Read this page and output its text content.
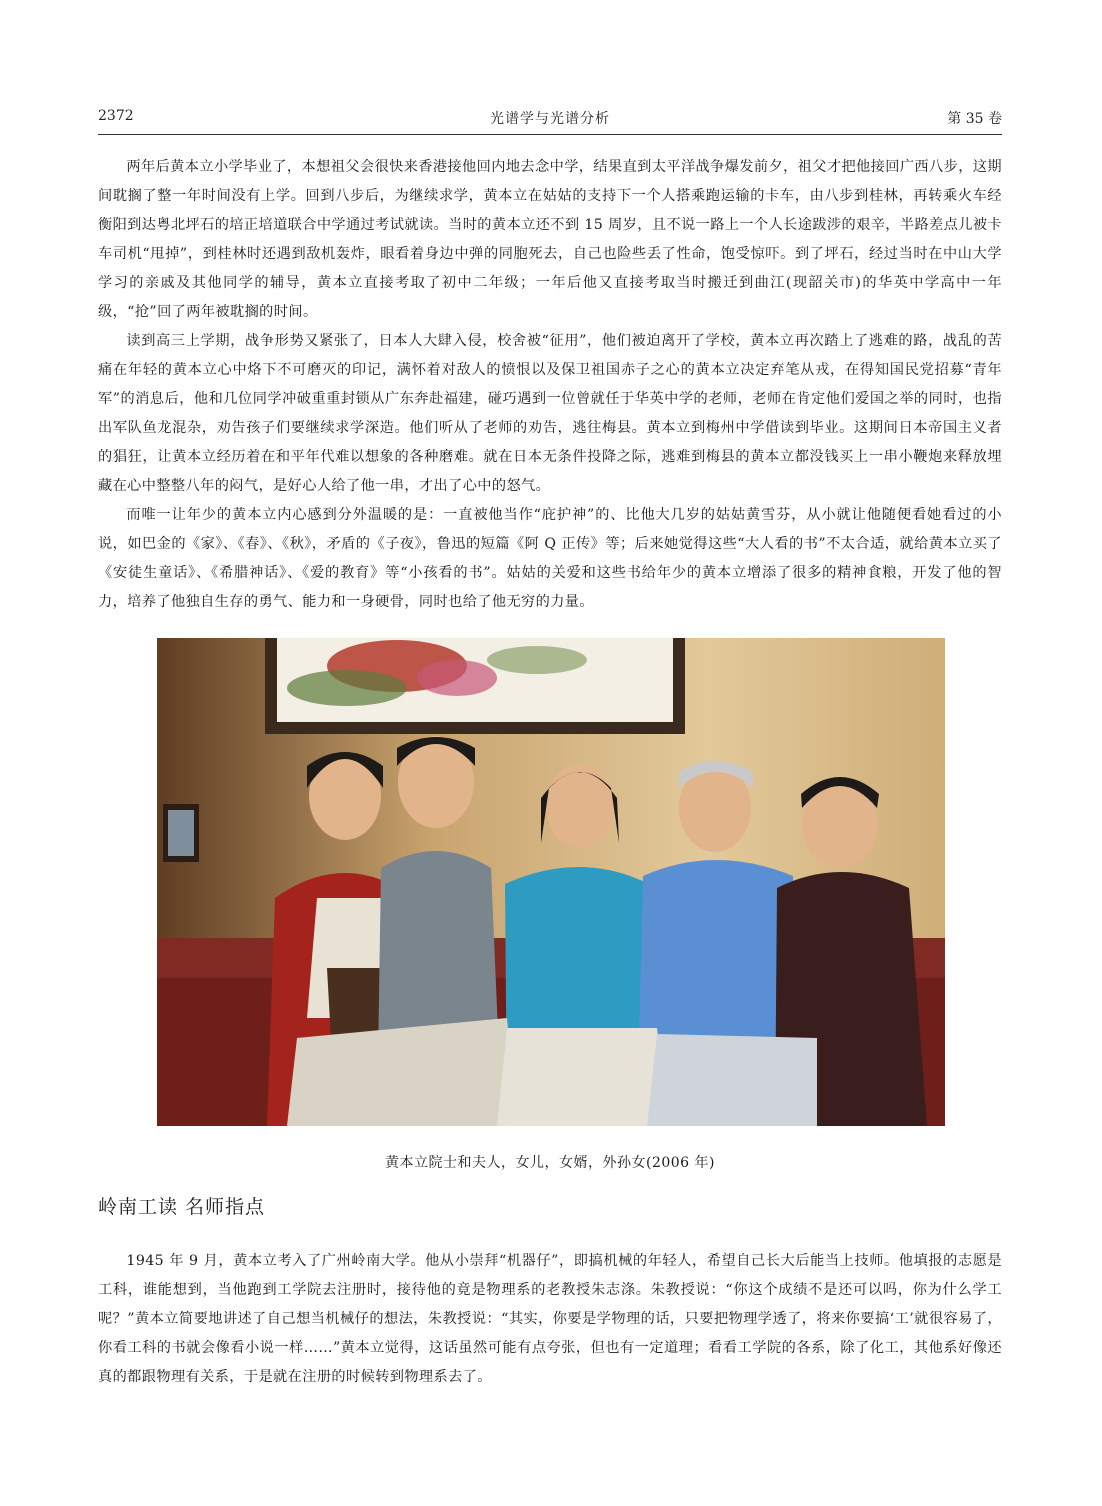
2372	光谱学与光谱分析	第 35 卷

两年后黄本立小学毕业了，本想祖父会很快来香港接他回内地去念中学，结果直到太平洋战争爆发前夕，祖父才把他接回广西八步，这期间耽搁了整一年时间没有上学。回到八步后，为继续求学，黄本立在姑姑的支持下一个人搭乘跑运输的卡车，由八步到桂林，再转乘火车经衡阳到达粤北坪石的培正培道联合中学通过考试就读。当时的黄本立还不到 15 周岁，且不说一路上一个人长途跋涉的艰辛，半路差点儿被卡车司机“甩掉”，到桂林时还遇到敌机轰炸，眼看着身边中弹的同胞死去，自己也险些丢了性命，饱受惊吓。到了坪石，经过当时在中山大学学习的亲戚及其他同学的辅导，黄本立直接考取了初中二年级；一年后他又直接考取当时搬迁到曲江(现韶关市)的华英中学高中一年级，“抢”回了两年被耽搁的时间。

读到高三上学期，战争形势又紧张了，日本人大肆入侵，校舍被“征用”，他们被迫离开了学校，黄本立再次踏上了逃难的路，战乱的苦痛在年轻的黄本立心中烙下不可磨灭的印记，满怀着对敌人的愤恨以及保卫祖国赤子之心的黄本立决定弃笔从戎，在得知国民党招募“青年军”的消息后，他和几位同学冲破重重封锁从广东奔赴福建，碰巧遇到一位曾就任于华英中学的老师，老师在肯定他们爱国之举的同时，也指出军队鱼龙混杂，劝告孩子们要继续求学深造。他们听从了老师的劝告，逃往梅县。黄本立到梅州中学借读到毕业。这期间日本帝国主义者的猖狂，让黄本立经历着在和平年代难以想象的各种磨难。就在日本无条件投降之际，逃难到梅县的黄本立都没钱买上一串小鞭炮来释放埋藏在心中整整八年的闷气，是好心人给了他一串，才出了心中的怒气。

而唯一让年少的黄本立内心感到分外温暖的是：一直被他当作“庇护神”的、比他大几岁的姑姑黄雪芬，从小就让他随便看她看过的小说，如巴金的《家》、《春》、《秋》，矛盾的《子夜》，鲁迅的短篇《阿 Q 正传》等；后来她觉得这些“大人看的书”不太合适，就给黄本立买了《安徒生童话》、《希腊神话》、《爱的教育》等“小孩看的书”。姑姑的关爱和这些书给年少的黄本立增添了很多的精神食粮，开发了他的智力，培养了他独自生存的勇气、能力和一身硬骨，同时也给了他无穷的力量。

黄本立院士和夫人，女儿，女婿，外孙女(2006 年)
岭南工读 名师指点

1945 年 9 月，黄本立考入了广州岭南大学。他从小崇拜“机器仔”，即搞机械的年轻人，希望自己长大后能当上技师。他填报的志愿是工科，谁能想到，当他跑到工学院去注册时，接待他的竟是物理系的老教授朱志涤。朱教授说：“你这个成绩不是还可以吗，你为什么学工呢？”黄本立简要地讲述了自己想当机械仔的想法，朱教授说：“其实，你要是学物理的话，只要把物理学透了，将来你要搞‘工’就很容易了，你看工科的书就会像看小说一样……”黄本立觉得，这话虽然可能有点夸张，但也有一定道理；看看工学院的各系，除了化工，其他系好像还真的都跟物理有关系，于是就在注册的时候转到物理系去了。
